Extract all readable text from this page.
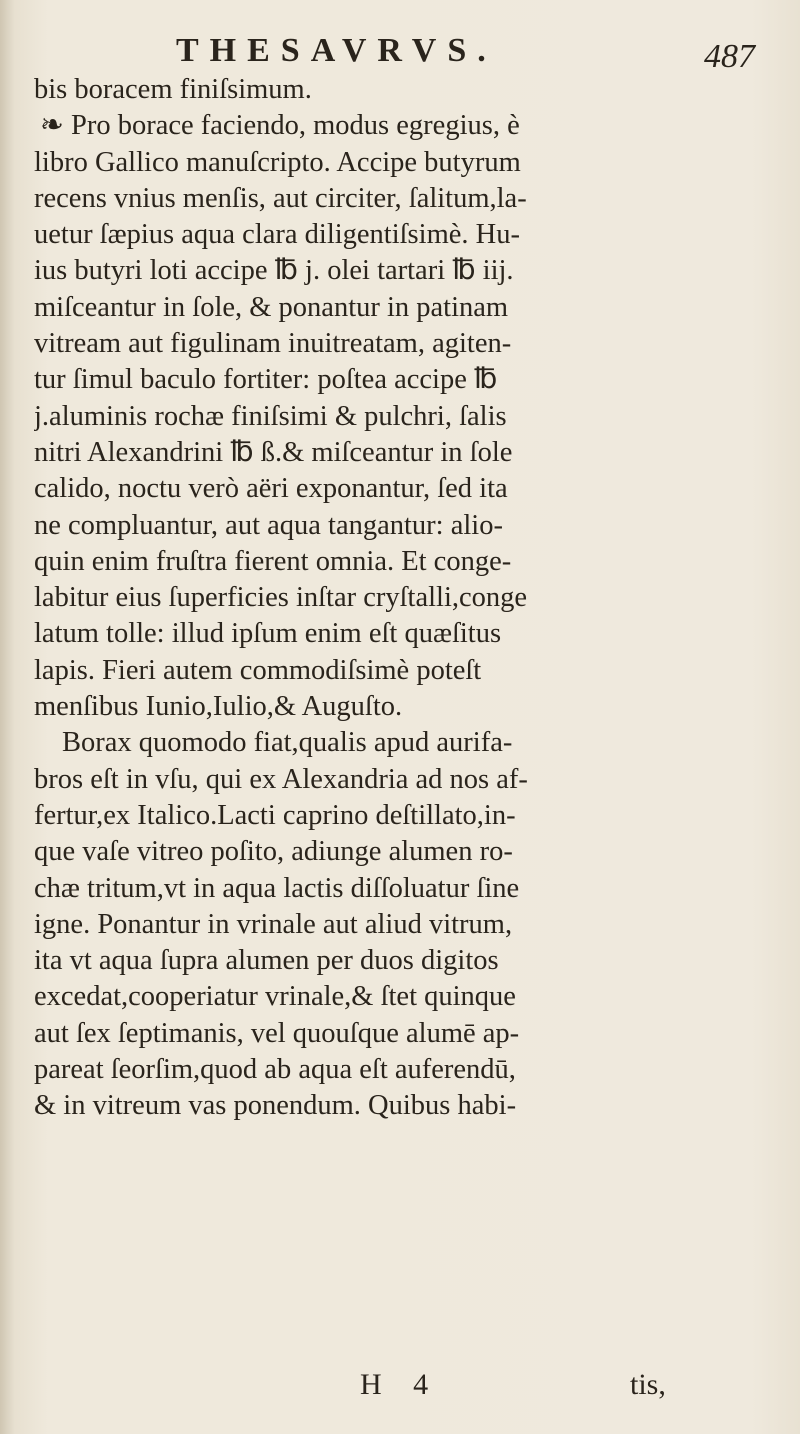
THESAVRVS.	487
bis boracem finiſsimum.
❧ Pro borace faciendo, modus egregius, è
libro Gallico manuſcripto. Accipe butyrum
recens vnius menſis, aut circiter, ſalitum,la-
uetur ſæpius aqua clara diligentiſsimè. Hu-
ius butyri loti accipe ℔ j. olei tartari ℔ iij.
miſceantur in ſole, & ponantur in patinam
vitream aut figulinam inuitreatam, agiten-
tur ſimul baculo fortiter: poſtea accipe ℔
j.aluminis rochæ finiſsimi & pulchri, ſalis
nitri Alexandrini ℔ ß.& miſceantur in ſole
calido, noctu verò aëri exponantur, ſed ita
ne compluantur, aut aqua tangantur: alio-
quin enim fruſtra fierent omnia. Et conge-
labitur eius ſuperficies inſtar cryſtalli,conge
latum tolle: illud ipſum enim eſt quæſitus
lapis. Fieri autem commodiſsimè poteſt
menſibus Iunio,Iulio,& Auguſto.
Borax quomodo fiat,qualis apud aurifa-
bros eſt in vſu, qui ex Alexandria ad nos af-
fertur,ex Italico.Lacti caprino deſtillato,in-
que vaſe vitreo poſito, adiunge alumen ro-
chæ tritum,vt in aqua lactis diſſoluatur ſine
igne. Ponantur in vrinale aut aliud vitrum,
ita vt aqua ſupra alumen per duos digitos
excedat,cooperiatur vrinale,& ſtet quinque
aut ſex ſeptimanis, vel quouſque alumē ap-
pareat ſeorſim,quod ab aqua eſt auferendū,
& in vitreum vas ponendum. Quibus habi-
H 4	tis,
